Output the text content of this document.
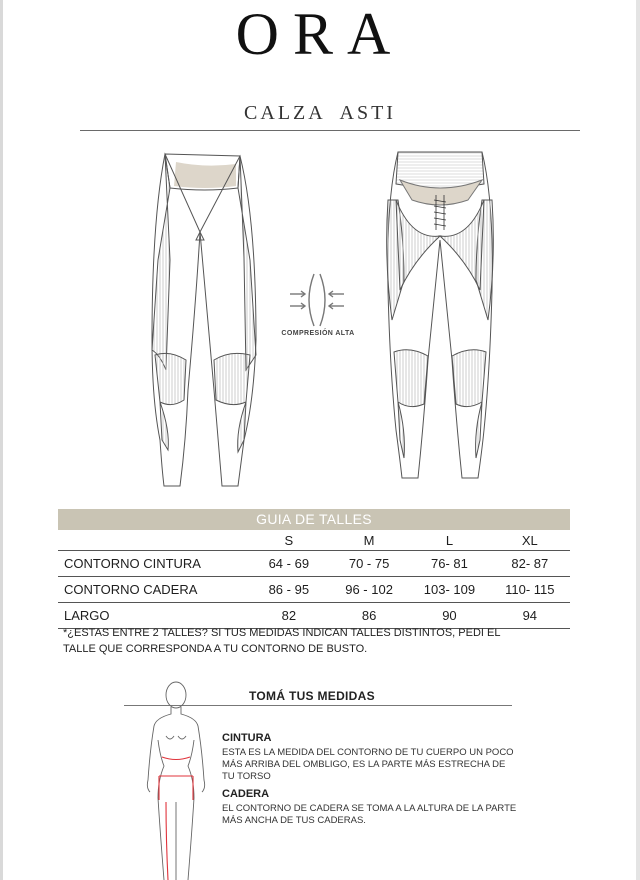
ORA
CALZA ASTI
COMPRESIÓN ALTA
GUIA DE TALLES
	S	M	L	XL
CONTORNO CINTURA	64 - 69	70 - 75	76- 81	82- 87
CONTORNO CADERA	86 - 95	96 - 102	103- 109	110- 115
LARGO	82	86	90	94
*¿ESTAS ENTRE 2 TALLES? SI TUS MEDIDAS INDICAN TALLES DISTINTOS, PEDI EL
TALLE QUE CORRESPONDA A TU CONTORNO DE BUSTO.
TOMÁ TUS MEDIDAS
CINTURA
ESTA ES LA MEDIDA DEL CONTORNO DE TU CUERPO UN POCO
MÁS ARRIBA DEL OMBLIGO, ES LA PARTE MÁS ESTRECHA DE
TU TORSO
CADERA
EL CONTORNO DE CADERA SE TOMA A LA ALTURA DE LA PARTE
MÁS ANCHA DE TUS CADERAS.
